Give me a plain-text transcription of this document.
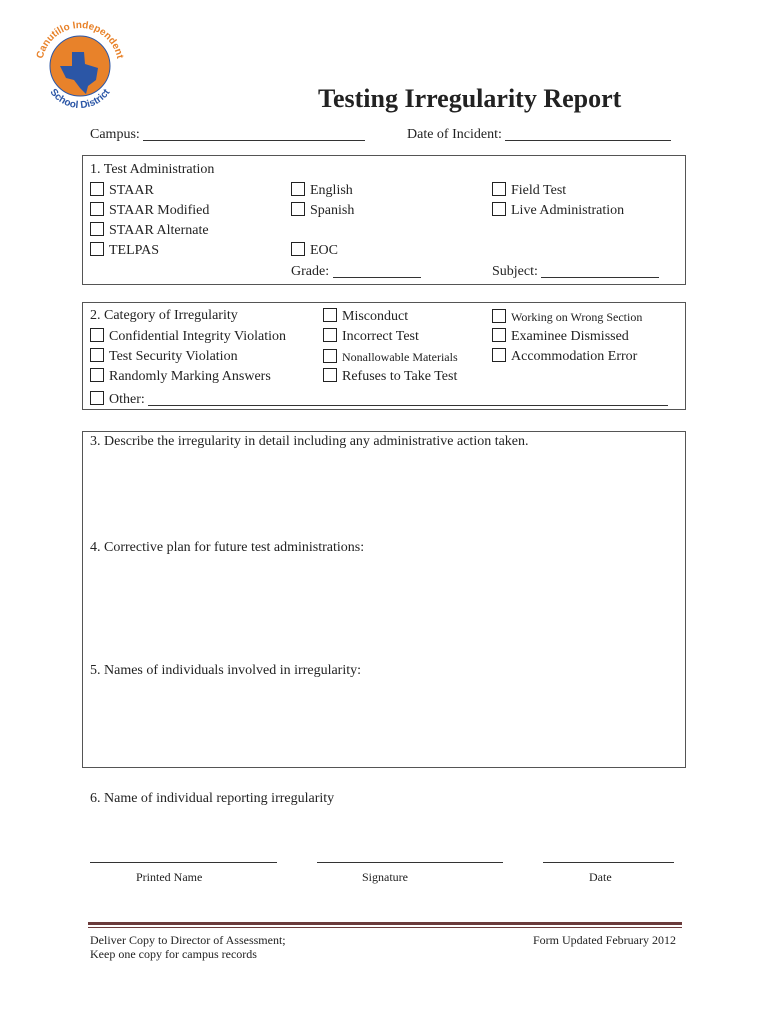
Canutillo Independent
School District	Testing Irregularity Report
Campus:	Date of Incident:
1. Test Administration
STAAR
STAAR Modified
STAAR Alternate
TELPAS
English
Spanish
EOC
Grade:
Field Test
Live Administration
Subject:
2. Category of Irregularity
Confidential Integrity Violation
Test Security Violation
Randomly Marking Answers
Misconduct
Incorrect Test
Nonallowable Materials
Refuses to Take Test
Working on Wrong Section
Examinee Dismissed
Accommodation Error
Other:
3. Describe the irregularity in detail including any administrative action taken.
4. Corrective plan for future test administrations:
5. Names of individuals involved in irregularity:
6. Name of individual reporting irregularity
Printed Name	Signature	Date
Deliver Copy to Director of Assessment;
Keep one copy for campus records
Form Updated February 2012
